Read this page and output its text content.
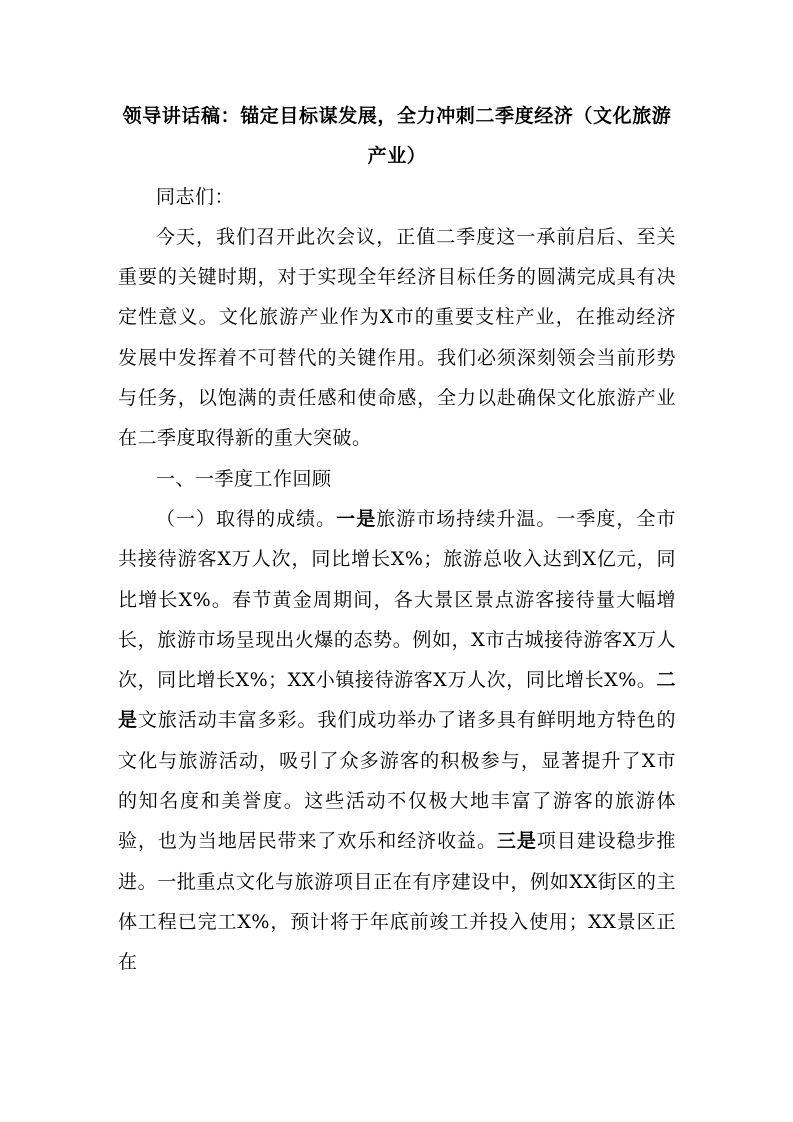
领导讲话稿：锚定目标谋发展，全力冲刺二季度经济（文化旅游产业）

同志们：

今天，我们召开此次会议，正值二季度这一承前启后、至关重要的关键时期，对于实现全年经济目标任务的圆满完成具有决定性意义。文化旅游产业作为X市的重要支柱产业，在推动经济发展中发挥着不可替代的关键作用。我们必须深刻领会当前形势与任务，以饱满的责任感和使命感，全力以赴确保文化旅游产业在二季度取得新的重大突破。

一、一季度工作回顾

（一）取得的成绩。一是旅游市场持续升温。一季度，全市共接待游客X万人次，同比增长X%；旅游总收入达到X亿元，同比增长X%。春节黄金周期间，各大景区景点游客接待量大幅增长，旅游市场呈现出火爆的态势。例如，X市古城接待游客X万人次，同比增长X%；XX小镇接待游客X万人次，同比增长X%。二是文旅活动丰富多彩。我们成功举办了诸多具有鲜明地方特色的文化与旅游活动，吸引了众多游客的积极参与，显著提升了X市的知名度和美誉度。这些活动不仅极大地丰富了游客的旅游体验，也为当地居民带来了欢乐和经济收益。三是项目建设稳步推进。一批重点文化与旅游项目正在有序建设中，例如XX街区的主体工程已完工X%，预计将于年底前竣工并投入使用；XX景区正在
